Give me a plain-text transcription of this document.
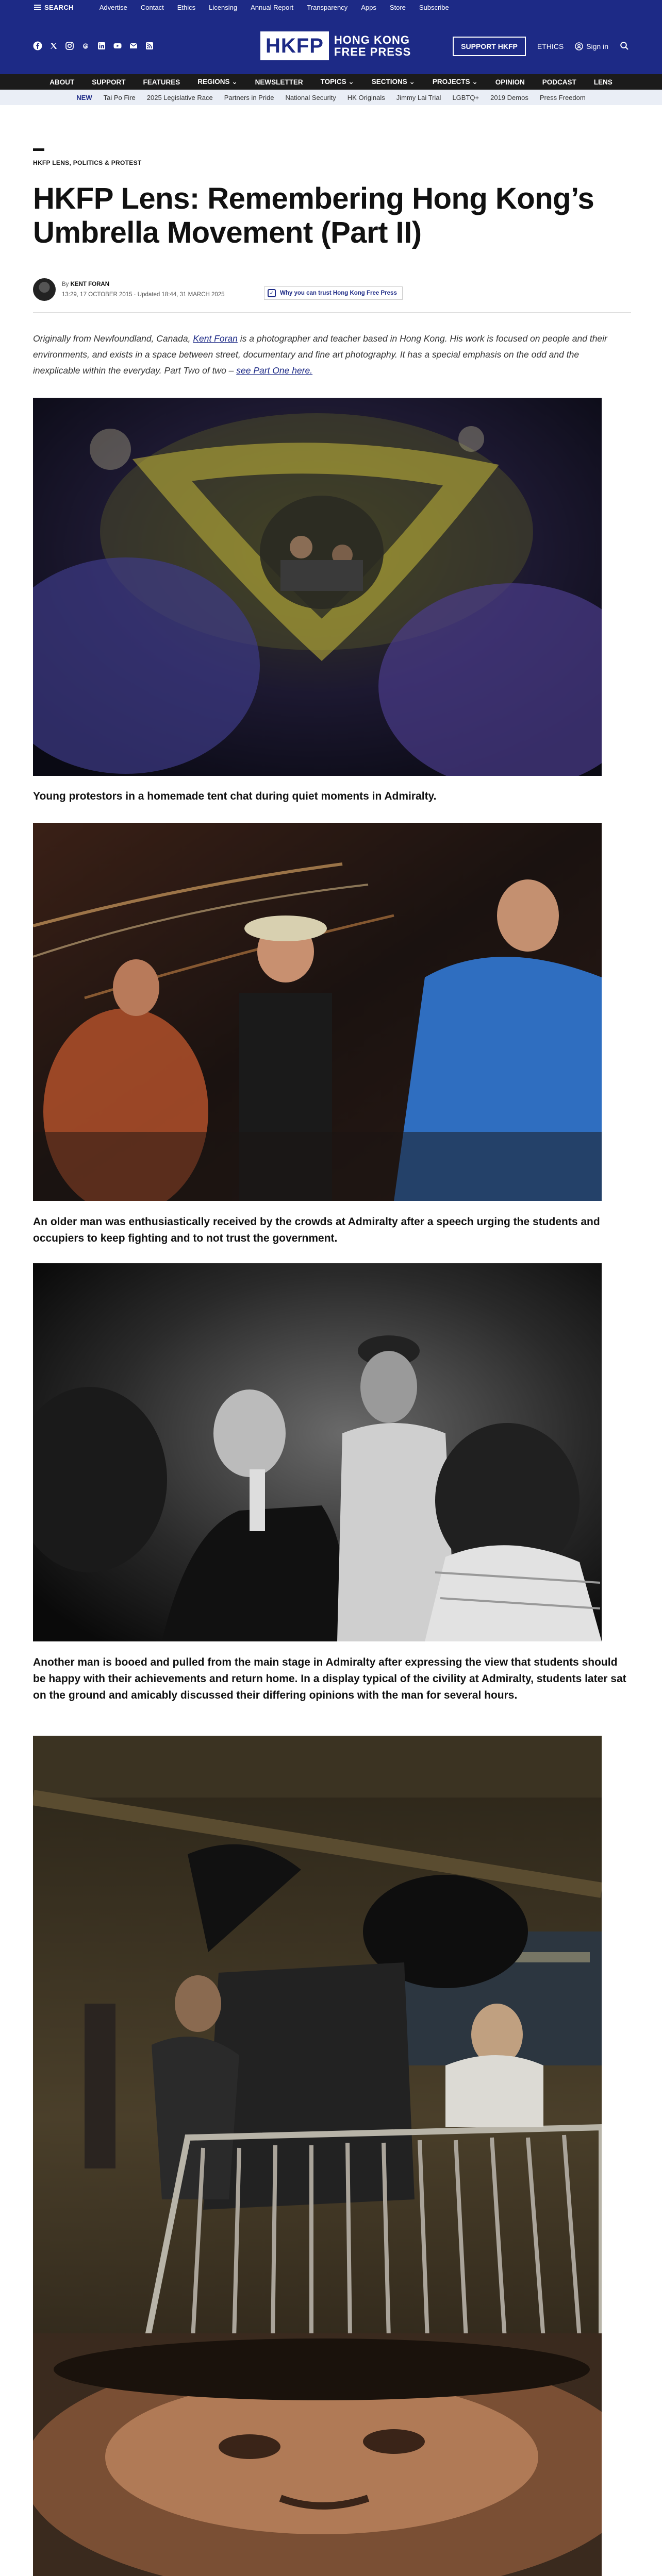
SEARCH	Advertise Contact Ethics Licensing Annual Report Transparency Apps Store Subscribe
HKFP HONG KONG
FREE PRESS	SUPPORT HKFP	ETHICS	Sign in
ABOUT	SUPPORT	FEATURES	REGIONS ⌄	NEWSLETTER	TOPICS ⌄	SECTIONS ⌄	PROJECTS ⌄	OPINION	PODCAST	LENS
NEW Tai Po Fire 2025 Legislative Race Partners in Pride National Security HK Originals Jimmy Lai Trial LGBTQ+ 2019 Demos Press Freedom
HKFP LENS, POLITICS & PROTEST
HKFP Lens: Remembering Hong Kong’s Umbrella Movement (Part II)
By KENT FORAN
13:29, 17 OCTOBER 2015 · Updated 18:44, 31 MARCH 2025	✓	Why you can trust Hong Kong Free Press

Originally from Newfoundland, Canada, Kent Foran is a photographer and teacher based in Hong Kong. His work is focused on people and their environments, and exists in a space between street, documentary and fine art photography. It has a special emphasis on the odd and the inexplicable within the everyday. Part Two of two – see Part One here.

Young protestors in a homemade tent chat during quiet moments in Admiralty.

An older man was enthusiastically received by the crowds at Admiralty after a speech urging the students and occupiers to keep fighting and to not trust the government.

Another man is booed and pulled from the main stage in Admiralty after expressing the view that students should be happy with their achievements and return home. In a display typical of the civility at Admiralty, students later sat on the ground and amicably discussed their differing opinions with the man for several hours.
